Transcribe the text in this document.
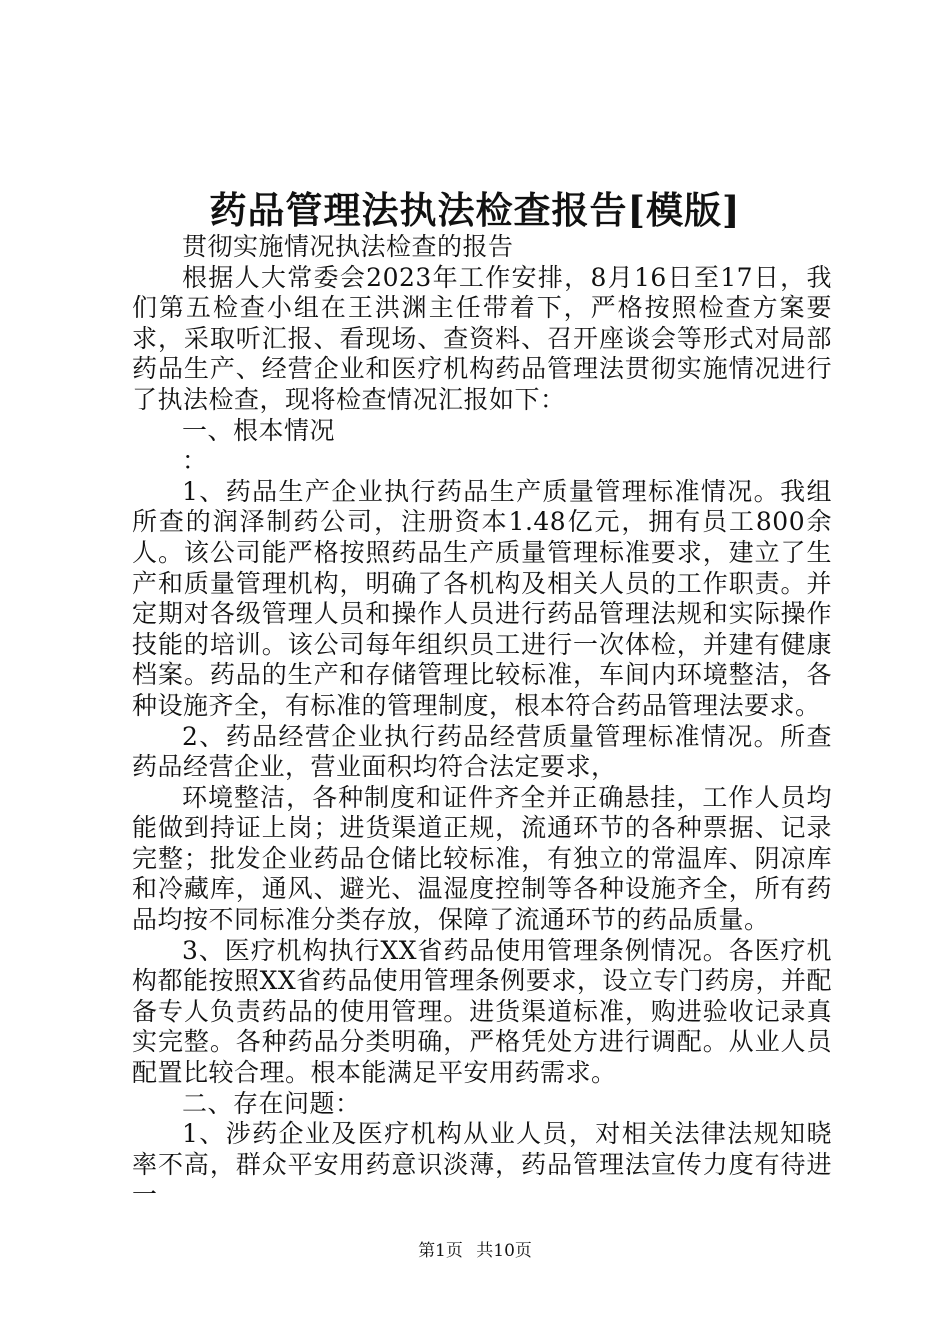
药品管理法执法检查报告[模版]

贯彻实施情况执法检查的报告

根据人大常委会2023年工作安排，8月16日至17日，我们第五检查小组在王洪渊主任带着下，严格按照检查方案要求，采取听汇报、看现场、查资料、召开座谈会等形式对局部药品生产、经营企业和医疗机构药品管理法贯彻实施情况进行了执法检查，现将检查情况汇报如下：

一、根本情况

：

1、药品生产企业执行药品生产质量管理标准情况。我组所查的润泽制药公司，注册资本1.48亿元，拥有员工800余人。该公司能严格按照药品生产质量管理标准要求，建立了生产和质量管理机构，明确了各机构及相关人员的工作职责。并定期对各级管理人员和操作人员进行药品管理法规和实际操作技能的培训。该公司每年组织员工进行一次体检，并建有健康档案。药品的生产和存储管理比较标准，车间内环境整洁，各种设施齐全，有标准的管理制度，根本符合药品管理法要求。

2、药品经营企业执行药品经营质量管理标准情况。所查药品经营企业，营业面积均符合法定要求，

环境整洁，各种制度和证件齐全并正确悬挂，工作人员均能做到持证上岗；进货渠道正规，流通环节的各种票据、记录完整；批发企业药品仓储比较标准，有独立的常温库、阴凉库和冷藏库，通风、避光、温湿度控制等各种设施齐全，所有药品均按不同标准分类存放，保障了流通环节的药品质量。

3、医疗机构执行XX省药品使用管理条例情况。各医疗机构都能按照XX省药品使用管理条例要求，设立专门药房，并配备专人负责药品的使用管理。进货渠道标准，购进验收记录真实完整。各种药品分类明确，严格凭处方进行调配。从业人员配置比较合理。根本能满足平安用药需求。

二、存在问题：

1、涉药企业及医疗机构从业人员，对相关法律法规知晓率不高，群众平安用药意识淡薄，药品管理法宣传力度有待进一

第1页 共10页
